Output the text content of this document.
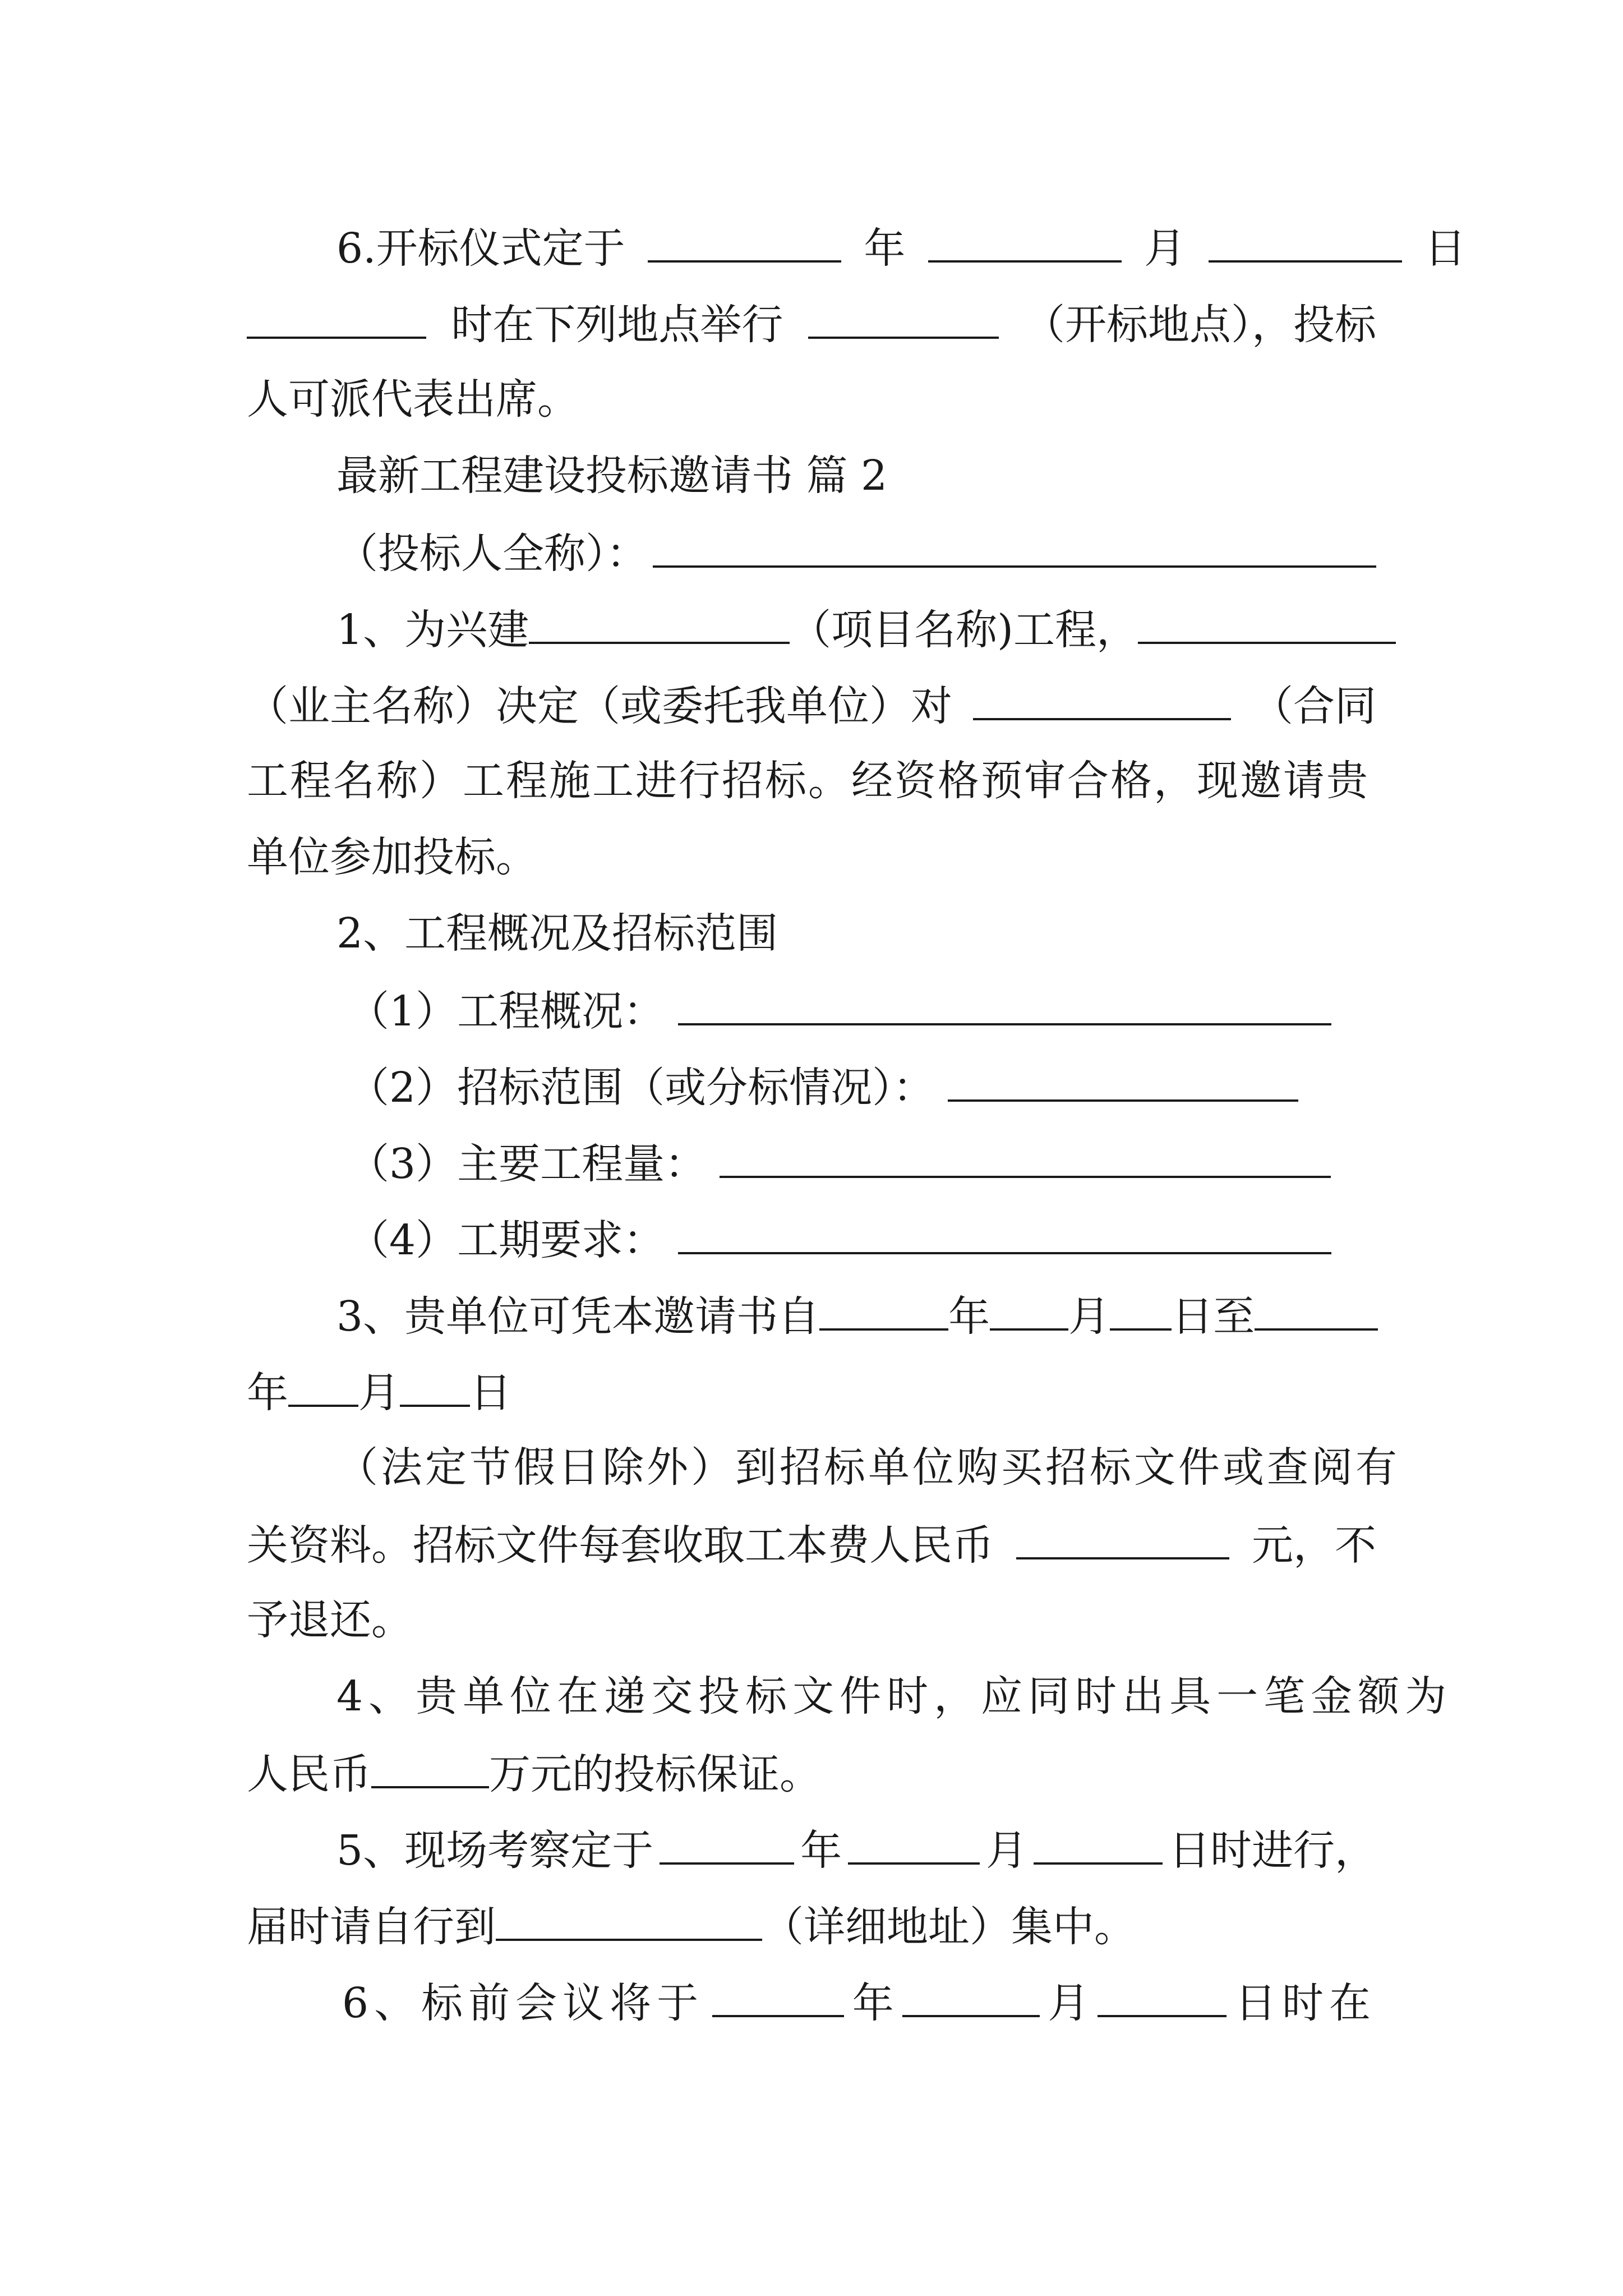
6.开标仪式定于	年	月	日
时在下列地点举行	（开标地点），投标
人可派代表出席。
最新工程建设投标邀请书 篇 2
（投标人全称）：
1、为兴建	（项目名称)工程，
（业主名称）决定（或委托我单位）对	（合同
工程名称）工程施工进行招标。经资格预审合格，现邀请贵
单位参加投标。
2、工程概况及招标范围
（1）工程概况：
（2）招标范围（或分标情况）：
（3）主要工程量：
（4）工期要求：
3、贵单位可凭本邀请书自	年 月 日至
年 月 日
（法定节假日除外）到招标单位购买招标文件或查阅有
关资料。招标文件每套收取工本费人民币	元，不
予退还。
4、贵单位在递交投标文件时，应同时出具一笔金额为
人民币	万元的投标保证。
5、现场考察定于	年	月	日时进行，
届时请自行到	（详细地址）集中。
6、标前会议将于	年	月	日时在
